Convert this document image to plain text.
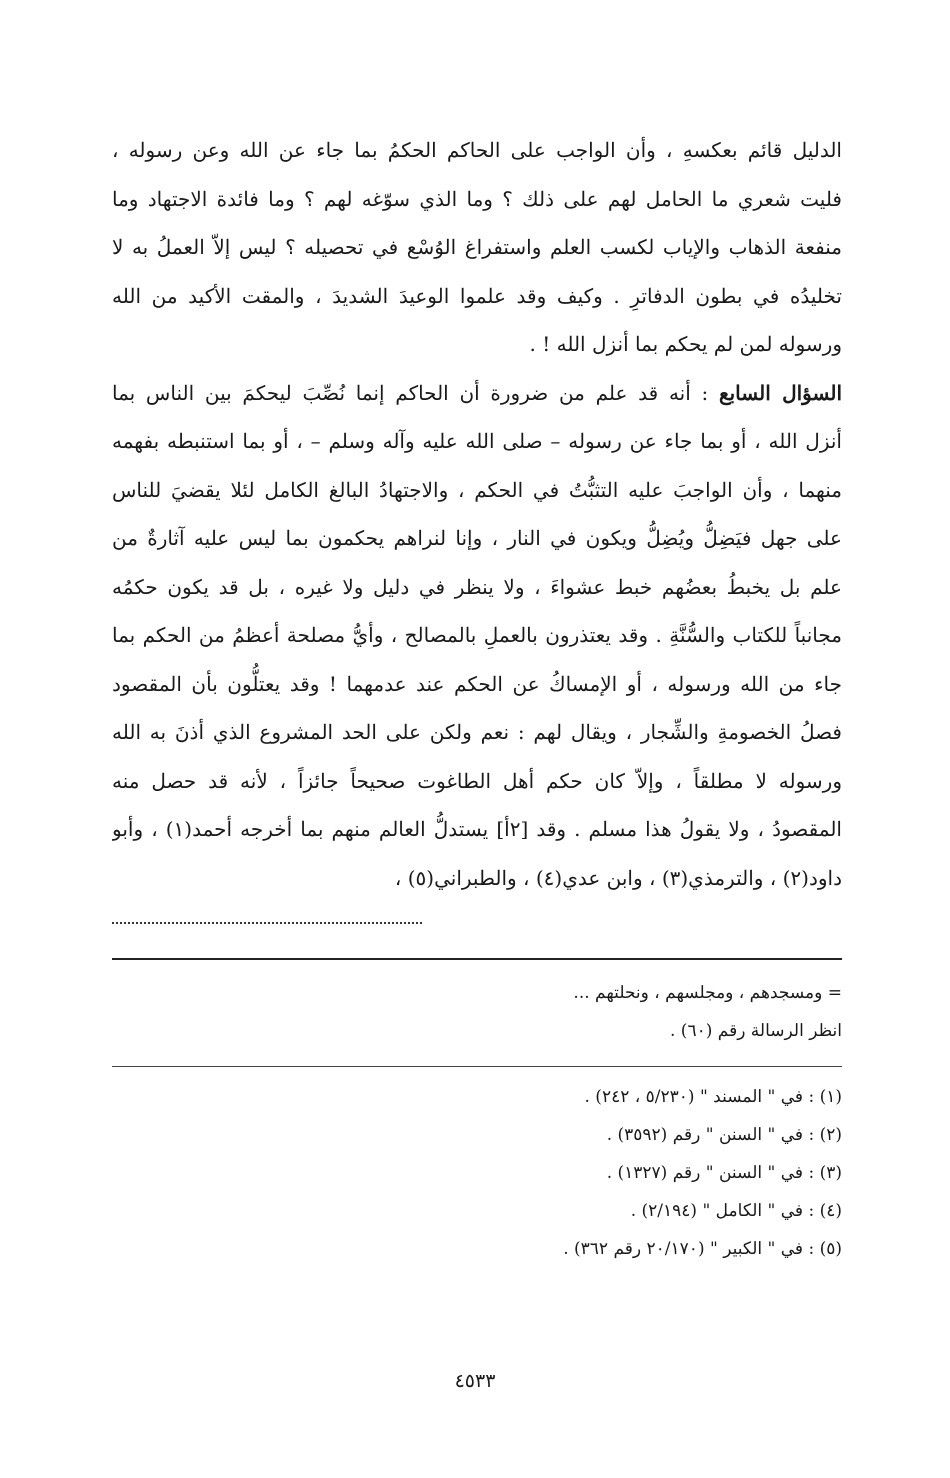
الدليل قائم بعكسهِ ، وأن الواجب على الحاكم الحكمُ بما جاء عن الله وعن رسوله ،
فليت شعري ما الحامل لهم على ذلك ؟ وما الذي سوّغه لهم ؟ وما فائدة الاجتهاد وما
منفعة الذهاب والإياب لكسب العلم واستفراغ الوُسْع في تحصيله ؟ ليس إلاّ العملُ به لا
تخليدُه في بطون الدفاترِ . وكيف وقد علموا الوعيدَ الشديدَ ، والمقت الأكيد من الله
ورسوله لمن لم يحكم بما أنزل الله ! .
السؤال السابع : أنه قد علم من ضرورة أن الحاكم إنما نُصِّبَ ليحكمَ بين الناس بما
أنزل الله ، أو بما جاء عن رسوله – صلى الله عليه وآله وسلم – ، أو بما استنبطه بفهمه
منهما ، وأن الواجبَ عليه التثبُّتُ في الحكم ، والاجتهادُ البالغ الكامل لئلا يقضيَ للناس
على جهل فيَضِلُّ ويُضِلُّ ويكون في النار ، وإنا لنراهم يحكمون بما ليس عليه آثارةٌ من
علم بل يخبطُ بعضُهم خبط عشواءَ ، ولا ينظر في دليل ولا غيره ، بل قد يكون حكمُه
مجانباً للكتاب والسُّنَّةِ . وقد يعتذرون بالعملِ بالمصالح ، وأيُّ مصلحة أعظمُ من الحكم بما
جاء من الله ورسوله ، أو الإمساكُ عن الحكم عند عدمهما ! وقد يعتلُّون بأن المقصود
فصلُ الخصومةِ والشِّجار ، ويقال لهم : نعم ولكن على الحد المشروع الذي أذنَ به الله
ورسوله لا مطلقاً ، وإلاّ كان حكم أهل الطاغوت صحيحاً جائزاً ، لأنه قد حصل منه
المقصودُ ، ولا يقولُ هذا مسلم . وقد [٢أ] يستدلُّ العالم منهم بما أخرجه أحمد(١) ، وأبو
داود(٢) ، والترمذي(٣) ، وابن عدي(٤) ، والطبراني(٥) ،
= ومسجدهم ، ومجلسهم ، ونحلتهم ...
انظر الرسالة رقم (٦٠) .
(١) : في " المسند " (٥/٢٣٠ ، ٢٤٢) .
(٢) : في " السنن " رقم (٣٥٩٢) .
(٣) : في " السنن " رقم (١٣٢٧) .
(٤) : في " الكامل " (٢/١٩٤) .
(٥) : في " الكبير " (٢٠/١٧٠ رقم ٣٦٢) .
٤٥٣٣
